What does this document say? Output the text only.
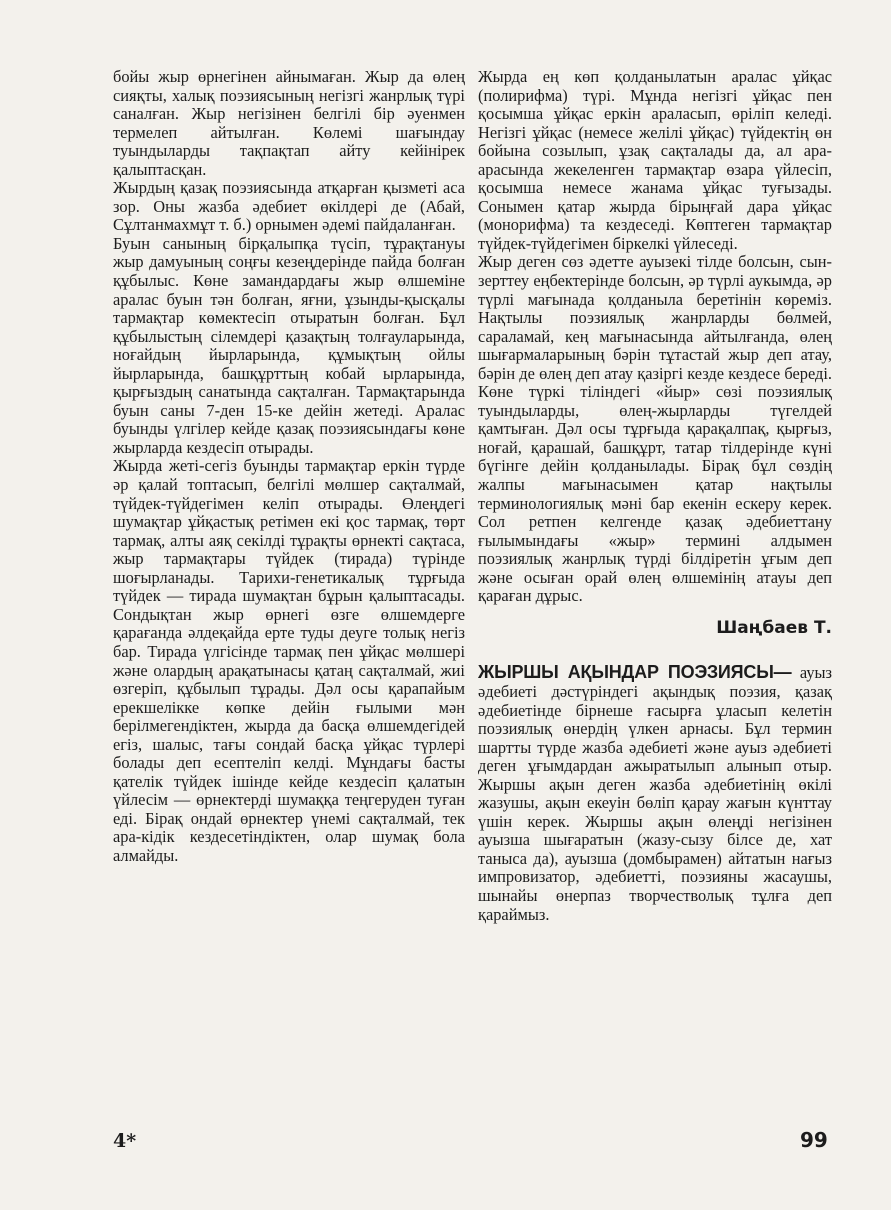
бойы жыр өрнегінен айнымаған. Жыр да өлең сияқты, халық поэзиясының негізгі жанрлық түрі саналған. Жыр негізінен белгілі бір әуенмен термелеп айтылған. Көлемі шағындау туындыларды тақпақтап айту кейінірек қалыптасқан.

Жырдың қазақ поэзиясында атқарған қызметі аса зор. Оны жазба әдебиет өкілдері де (Абай, Сұлтанмахмұт т. б.) орнымен әдемі пайдаланған.

Буын санының бірқалыпқа түсіп, тұрақтануы жыр дамуының соңғы кезеңдерінде пайда болған құбылыс. Көне замандардағы жыр өлшеміне аралас буын тән болған, яғни, ұзынды-қысқалы тармақтар көмектесіп отыратын болған. Бұл құбылыстың сілемдері қазақтың толғауларында, ноғайдың йырларында, құмықтың ойлы йырларында, башқұрттың кобай ырларында, қырғыздың санатында сақталған. Тармақтарында буын саны 7-ден 15-ке дейін жетеді. Аралас буынды үлгілер кейде қазақ поэзиясындағы көне жырларда кездесіп отырады.

Жырда жеті-сегіз буынды тармақтар еркін түрде әр қалай топтасып, белгілі мөлшер сақталмай, түйдек-түйдегімен келіп отырады. Өлеңдегі шумақтар ұйқастық ретімен екі қос тармақ, төрт тармақ, алты аяқ секілді тұрақты өрнекті сақтаса, жыр тармақтары түйдек (тирада) түрінде шоғырланады. Тарихи-генетикалық тұрғыда түйдек — тирада шумақтан бұрын қалыптасады. Сондықтан жыр өрнегі өзге өлшемдерге қарағанда әлдеқайда ерте туды деуге толық негіз бар. Тирада үлгісінде тармақ пен ұйқас мөлшері және олардың арақатынасы қатаң сақталмай, жиі өзгеріп, құбылып тұрады. Дәл осы қарапайым ерекшелікке көпке дейін ғылыми мән берілмегендіктен, жырда да басқа өлшемдегідей егіз, шалыс, тағы сондай басқа ұйқас түрлері болады деп есептеліп келді. Мұндағы басты қателік түйдек ішінде кейде кездесіп қалатын үйлесім — өрнектерді шумаққа теңгеруден туған еді. Бірақ ондай өрнектер үнемі сақталмай, тек ара-кідік кездесетіндіктен, олар шумақ бола алмайды.

Жырда ең көп қолданылатын аралас ұйқас (полирифма) түрі. Мұнда негізгі ұйқас пен қосымша ұйқас еркін араласып, өріліп келеді. Негізгі ұйқас (немесе желілі ұйқас) түйдектің өн бойына созылып, ұзақ сақталады да, ал ара-арасында жекеленген тармақтар өзара үйлесіп, қосымша немесе жанама ұйқас туғызады. Сонымен қатар жырда бірыңғай дара ұйқас (монорифма) та кездеседі. Көптеген тармақтар түйдек-түйдегімен біркелкі үйлеседі.

Жыр деген сөз әдетте ауызекі тілде болсын, сын-зерттеу еңбектерінде болсын, әр түрлі аукымда, әр түрлі мағынада қолданыла беретінін көреміз. Нақтылы поэзиялық жанрларды бөлмей, сараламай, кең мағынасында айтылғанда, өлең шығармаларының бәрін тұтастай жыр деп атау, бәрін де өлең деп атау қазіргі кезде кездесе береді. Көне түркі тіліндегі «йыр» сөзі поэзиялық туындыларды, өлең-жырларды түгелдей қамтыған. Дәл осы тұрғыда қарақалпақ, қырғыз, ноғай, қарашай, башқұрт, татар тілдерінде күні бүгінге дейін қолданылады. Бірақ бұл сөздің жалпы мағынасымен қатар нақтылы терминологиялық мәні бар екенін ескеру керек. Сол ретпен келгенде қазақ әдебиеттану ғылымындағы «жыр» термині алдымен поэзиялық жанрлық түрді білдіретін ұғым деп және осыған орай өлең өлшемінің атауы деп қараған дұрыс.

Шаңбаев Т.

ЖЫРШЫ АҚЫНДАР ПОЭЗИЯСЫ— ауыз әдебиеті дәстүріндегі ақындық поэзия, қазақ әдебиетінде бірнеше ғасырға ұласып келетін поэзиялық өнердің үлкен арнасы. Бұл термин шартты түрде жазба әдебиеті және ауыз әдебиеті деген ұғымдардан ажыратылып алынып отыр. Жыршы ақын деген жазба әдебиетінің өкілі жазушы, ақын екеуін бөліп қарау жағын күнттау үшін керек. Жыршы ақын өлеңді негізінен ауызша шығаратын (жазу-сызу білсе де, хат танысa да), ауызша (домбырамен) айтатын нағыз импровизатор, әдебиетті, поэзияны жасаушы, шынайы өнерпаз творчестволық тұлға деп қараймыз.

4*	99
